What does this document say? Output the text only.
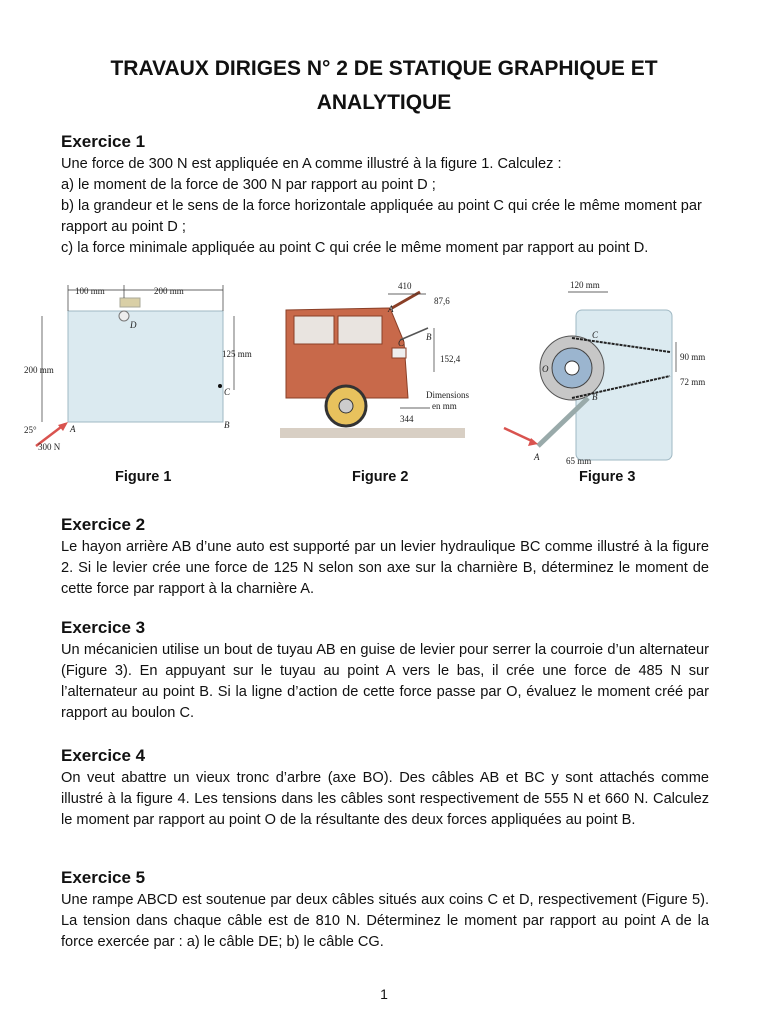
TRAVAUX DIRIGES N° 2 DE STATIQUE GRAPHIQUE ET ANALYTIQUE
Exercice 1

Une force de 300 N est appliquée en A comme illustré à la figure 1. Calculez :

a) le moment de la force de 300 N par rapport au point D ;

b) la grandeur et le sens de la force horizontale appliquée au point C qui crée le même moment par rapport au point D ;

c) la force minimale appliquée au point C qui crée le même moment par rapport au point D.

100 mm	200 mm
125 mm
200 mm
D
C
B
A
25°
300 N
Figure 1
A
B
C
410
87,6
152,4
344
Dimensions
en mm
Figure 2
120 mm
O
C
B
A
90 mm
72 mm
65 mm
Figure 3
Exercice 2
Le hayon arrière AB d’une auto est supporté par un levier hydraulique BC comme illustré à la figure 2. Si le levier crée une force de 125 N selon son axe sur la charnière B, déterminez le moment de cette force par rapport à la charnière A.
Exercice 3
Un mécanicien utilise un bout de tuyau AB en guise de levier pour serrer la courroie d’un alternateur (Figure 3). En appuyant sur le tuyau au point A vers le bas, il crée une force de 485 N sur l’alternateur au point B. Si la ligne d’action de cette force passe par O, évaluez le moment créé par rapport au boulon C.
Exercice 4
On veut abattre un vieux tronc d’arbre (axe BO). Des câbles AB et BC y sont attachés comme illustré à la figure 4. Les tensions dans les câbles sont respectivement de 555 N et 660 N. Calculez le moment par rapport au point O de la résultante des deux forces appliquées au point B.
Exercice 5
Une rampe ABCD est soutenue par deux câbles situés aux coins C et D, respectivement (Figure 5). La tension dans chaque câble est de 810 N. Déterminez le moment par rapport au point A de la force exercée par : a) le câble DE; b) le câble CG.
1
